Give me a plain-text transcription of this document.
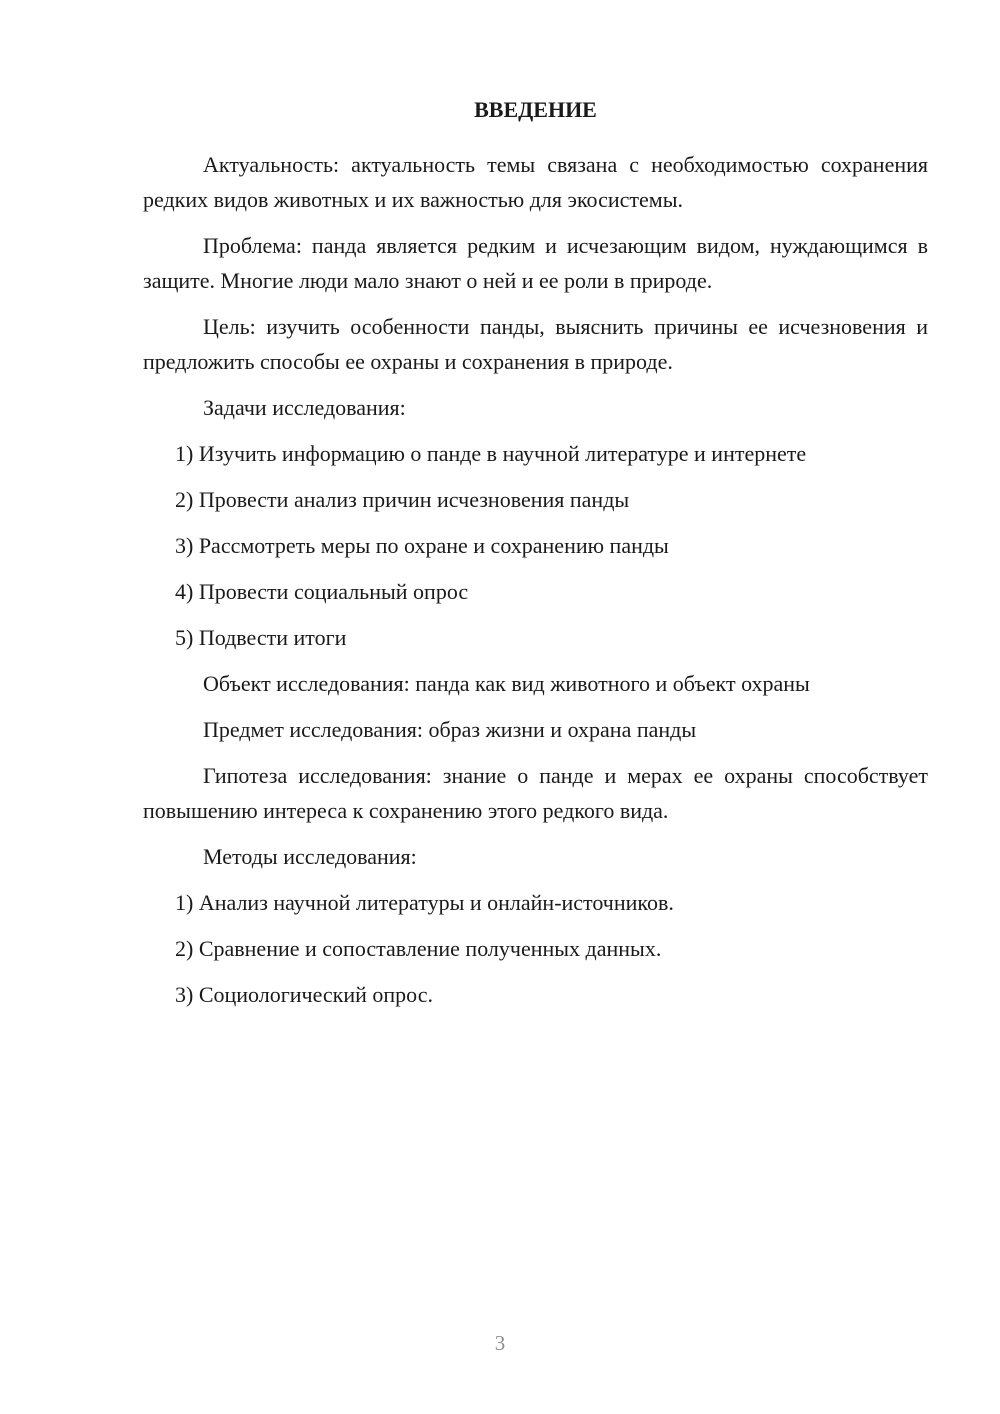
ВВЕДЕНИЕ

Актуальность: актуальность темы связана с необходимостью сохранения редких видов животных и их важностью для экосистемы.

Проблема: панда является редким и исчезающим видом, нуждающимся в защите. Многие люди мало знают о ней и ее роли в природе.

Цель: изучить особенности панды, выяснить причины ее исчезновения и предложить способы ее охраны и сохранения в природе.

Задачи исследования:

1) Изучить информацию о панде в научной литературе и интернете

2) Провести анализ причин исчезновения панды

3) Рассмотреть меры по охране и сохранению панды

4) Провести социальный опрос

5) Подвести итоги

Объект исследования: панда как вид животного и объект охраны

Предмет исследования: образ жизни и охрана панды

Гипотеза исследования: знание о панде и мерах ее охраны способствует повышению интереса к сохранению этого редкого вида.

Методы исследования:

1) Анализ научной литературы и онлайн-источников.

2) Сравнение и сопоставление полученных данных.

3) Социологический опрос.

3
